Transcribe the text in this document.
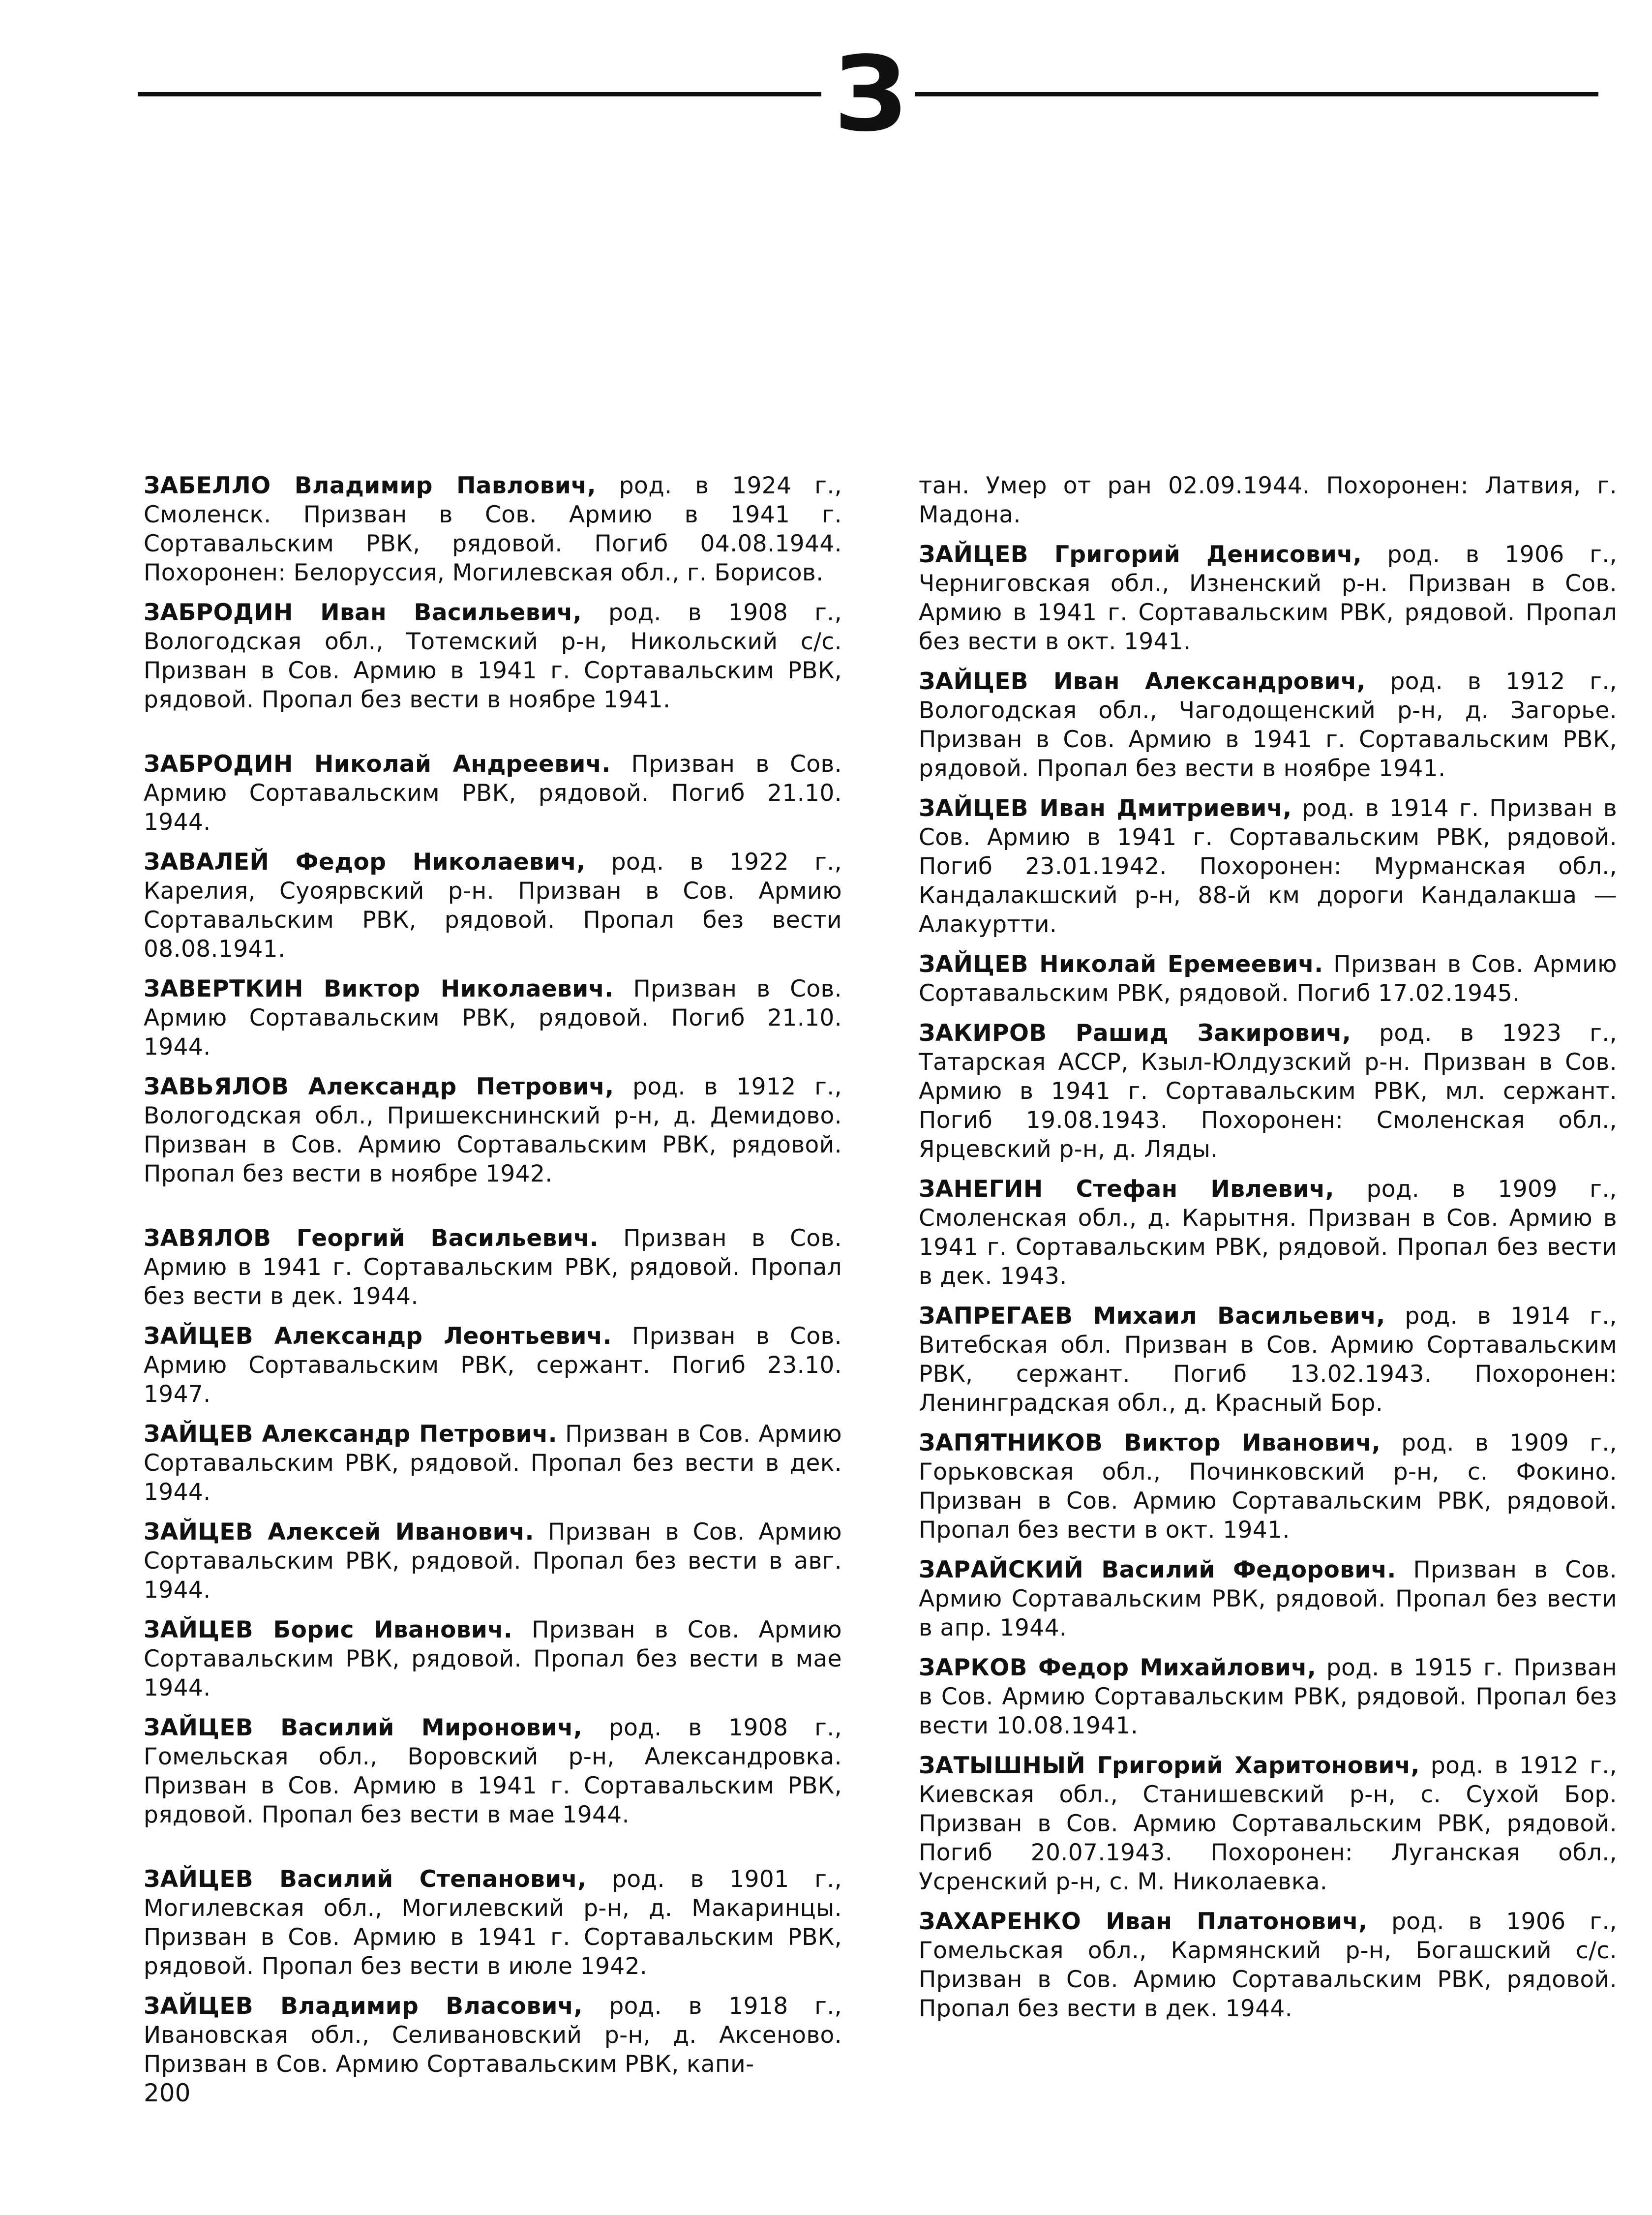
З

ЗАБЕЛЛО Владимир Павлович, род. в 1924 г., Смоленск. Призван в Сов. Армию в 1941 г. Сортавальским РВК, рядовой. Погиб 04.08.1944. Похоронен: Белоруссия, Могилевская обл., г. Борисов.

ЗАБРОДИН Иван Васильевич, род. в 1908 г., Вологодская обл., Тотемский р-н, Никольский с/с. Призван в Сов. Армию в 1941 г. Сортавальским РВК, рядовой. Пропал без вести в ноябре 1941.

ЗАБРОДИН Николай Андреевич. Призван в Сов. Армию Сортавальским РВК, рядовой. Погиб 21.10. 1944.

ЗАВАЛЕЙ Федор Николаевич, род. в 1922 г., Карелия, Суоярвский р-н. Призван в Сов. Армию Сортавальским РВК, рядовой. Пропал без вести 08.08.1941.

ЗАВЕРТКИН Виктор Николаевич. Призван в Сов. Армию Сортавальским РВК, рядовой. Погиб 21.10. 1944.

ЗАВЬЯЛОВ Александр Петрович, род. в 1912 г., Вологодская обл., Пришекснинский р-н, д. Демидово. Призван в Сов. Армию Сортавальским РВК, рядовой. Пропал без вести в ноябре 1942.

ЗАВЯЛОВ Георгий Васильевич. Призван в Сов. Армию в 1941 г. Сортавальским РВК, рядовой. Пропал без вести в дек. 1944.

ЗАЙЦЕВ Александр Леонтьевич. Призван в Сов. Армию Сортавальским РВК, сержант. Погиб 23.10. 1947.

ЗАЙЦЕВ Александр Петрович. Призван в Сов. Армию Сортавальским РВК, рядовой. Пропал без вести в дек. 1944.

ЗАЙЦЕВ Алексей Иванович. Призван в Сов. Армию Сортавальским РВК, рядовой. Пропал без вести в авг. 1944.

ЗАЙЦЕВ Борис Иванович. Призван в Сов. Армию Сортавальским РВК, рядовой. Пропал без вести в мае 1944.

ЗАЙЦЕВ Василий Миронович, род. в 1908 г., Гомельская обл., Воровский р-н, Александровка. Призван в Сов. Армию в 1941 г. Сортавальским РВК, рядовой. Пропал без вести в мае 1944.

ЗАЙЦЕВ Василий Степанович, род. в 1901 г., Могилевская обл., Могилевский р-н, д. Макаринцы. Призван в Сов. Армию в 1941 г. Сортавальским РВК, рядовой. Пропал без вести в июле 1942.

ЗАЙЦЕВ Владимир Власович, род. в 1918 г., Ивановская обл., Селивановский р-н, д. Аксеново. Призван в Сов. Армию Сортавальским РВК, капи-

тан. Умер от ран 02.09.1944. Похоронен: Латвия, г. Мадона.

ЗАЙЦЕВ Григорий Денисович, род. в 1906 г., Черниговская обл., Изненский р-н. Призван в Сов. Армию в 1941 г. Сортавальским РВК, рядовой. Пропал без вести в окт. 1941.

ЗАЙЦЕВ Иван Александрович, род. в 1912 г., Вологодская обл., Чагодощенский р-н, д. Загорье. Призван в Сов. Армию в 1941 г. Сортавальским РВК, рядовой. Пропал без вести в ноябре 1941.

ЗАЙЦЕВ Иван Дмитриевич, род. в 1914 г. Призван в Сов. Армию в 1941 г. Сортавальским РВК, рядовой. Погиб 23.01.1942. Похоронен: Мурманская обл., Кандалакшский р-н, 88-й км дороги Кандалакша — Алакуртти.

ЗАЙЦЕВ Николай Еремеевич. Призван в Сов. Армию Сортавальским РВК, рядовой. Погиб 17.02.1945.

ЗАКИРОВ Рашид Закирович, род. в 1923 г., Татарская АССР, Кзыл-Юлдузский р-н. Призван в Сов. Армию в 1941 г. Сортавальским РВК, мл. сержант. Погиб 19.08.1943. Похоронен: Смоленская обл., Ярцевский р-н, д. Ляды.

ЗАНЕГИН Стефан Ивлевич, род. в 1909 г., Смоленская обл., д. Карытня. Призван в Сов. Армию в 1941 г. Сортавальским РВК, рядовой. Пропал без вести в дек. 1943.

ЗАПРЕГАЕВ Михаил Васильевич, род. в 1914 г., Витебская обл. Призван в Сов. Армию Сортавальским РВК, сержант. Погиб 13.02.1943. Похоронен: Ленинградская обл., д. Красный Бор.

ЗАПЯТНИКОВ Виктор Иванович, род. в 1909 г., Горьковская обл., Починковский р-н, с. Фокино. Призван в Сов. Армию Сортавальским РВК, рядовой. Пропал без вести в окт. 1941.

ЗАРАЙСКИЙ Василий Федорович. Призван в Сов. Армию Сортавальским РВК, рядовой. Пропал без вести в апр. 1944.

ЗАРКОВ Федор Михайлович, род. в 1915 г. Призван в Сов. Армию Сортавальским РВК, рядовой. Пропал без вести 10.08.1941.

ЗАТЫШНЫЙ Григорий Харитонович, род. в 1912 г., Киевская обл., Станишевский р-н, с. Сухой Бор. Призван в Сов. Армию Сортавальским РВК, рядовой. Погиб 20.07.1943. Похоронен: Луганская обл., Усренский р-н, с. М. Николаевка.

ЗАХАРЕНКО Иван Платонович, род. в 1906 г., Гомельская обл., Кармянский р-н, Богашский с/с. Призван в Сов. Армию Сортавальским РВК, рядовой. Пропал без вести в дек. 1944.

200
